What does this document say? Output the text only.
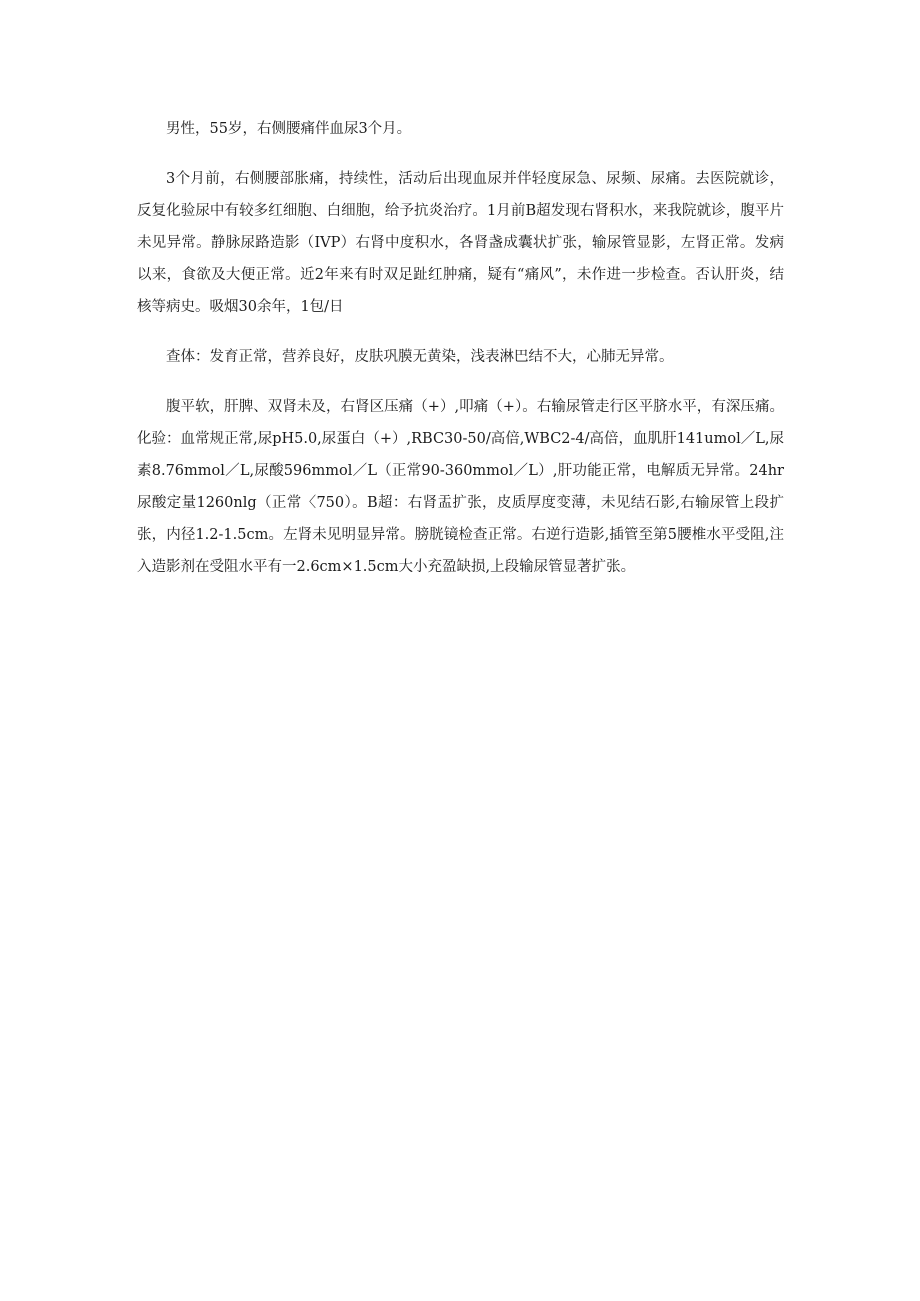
男性，55岁，右侧腰痛伴血尿3个月。

3个月前，右侧腰部胀痛，持续性，活动后出现血尿并伴轻度尿急、尿频、尿痛。去医院就诊，反复化验尿中有较多红细胞、白细胞，给予抗炎治疗。1月前B超发现右肾积水，来我院就诊，腹平片未见异常。静脉尿路造影（IVP）右肾中度积水，各肾盏成囊状扩张，输尿管显影，左肾正常。发病以来，食欲及大便正常。近2年来有时双足趾红肿痛，疑有“痛风”，未作进一步检查。否认肝炎，结核等病史。吸烟30余年，1包/日

查体：发育正常，营养良好，皮肤巩膜无黄染，浅表淋巴结不大，心肺无异常。

腹平软，肝脾、双肾未及，右肾区压痛（+）,叩痛（+）。右输尿管走行区平脐水平，有深压痛。化验：血常规正常,尿pH5.0,尿蛋白（+）,RBC30-50/高倍,WBC2-4/高倍，血肌肝141umol／L,尿素8.76mmol／L,尿酸596mmol／L（正常90-360mmol／L）,肝功能正常，电解质无异常。24hr尿酸定量1260nlg（正常〈750）。B超：右肾盂扩张，皮质厚度变薄，未见结石影,右输尿管上段扩张，内径1.2-1.5cm。左肾未见明显异常。膀胱镜检查正常。右逆行造影,插管至第5腰椎水平受阻,注入造影剂在受阻水平有一2.6cm×1.5cm大小充盈缺损,上段输尿管显著扩张。
